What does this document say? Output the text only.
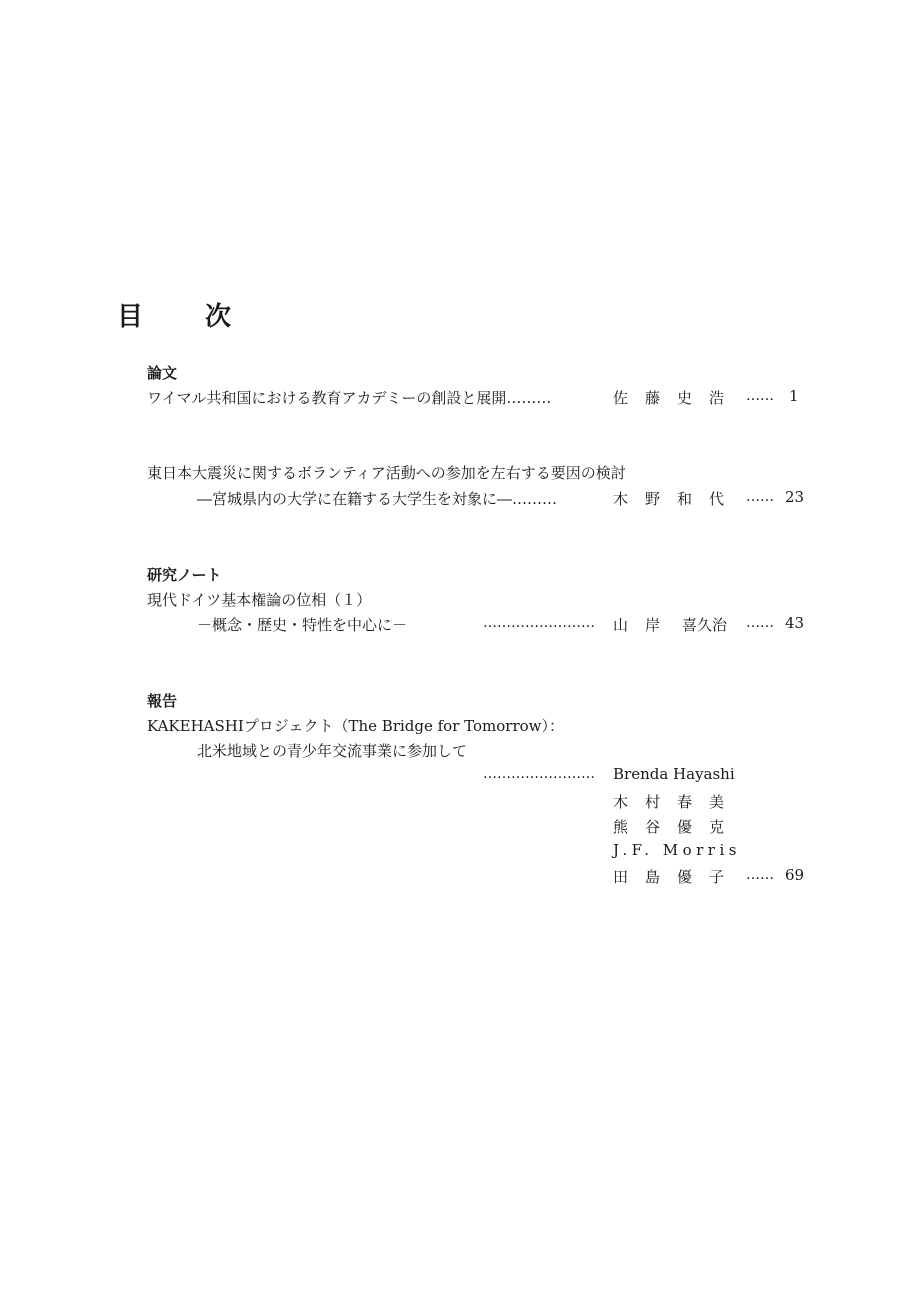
目　次
論文
ワイマル共和国における教育アカデミーの創設と展開………	佐藤史浩 …… 1
東日本大震災に関するボランティア活動への参加を左右する要因の検討
―宮城県内の大学に在籍する大学生を対象に―………	木野和代 …… 23
研究ノート
現代ドイツ基本権論の位相（１）
－概念・歴史・特性を中心に－	…………………… 山岸 喜久治 …… 43
報告
KAKEHASHIプロジェクト（The Bridge for Tomorrow）：
北米地域との青少年交流事業に参加して
…………………… Brenda Hayashi
木村春美
熊谷優克
J.F. Morris
田島優子 …… 69
